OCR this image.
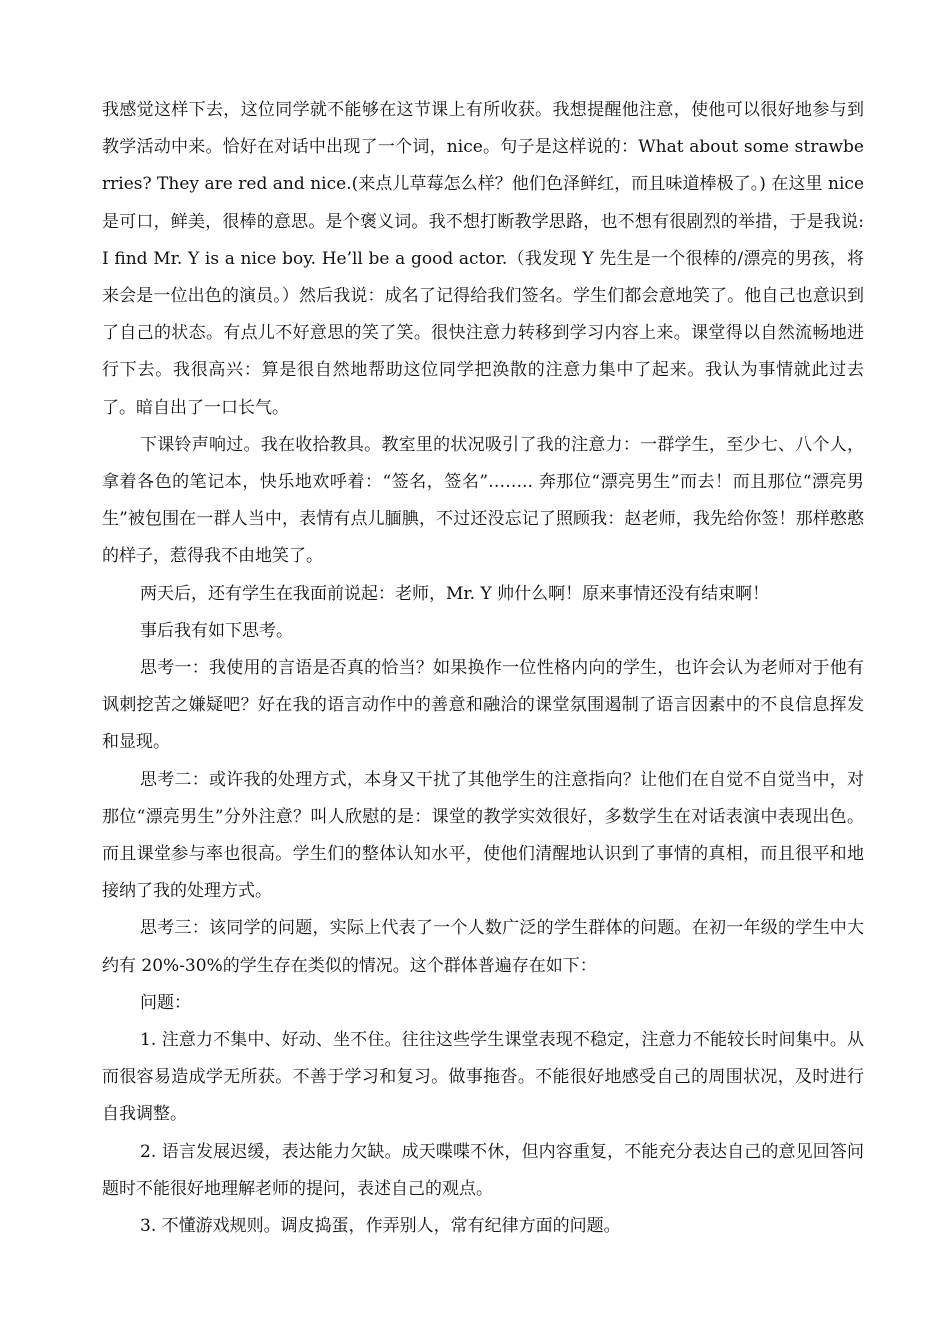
我感觉这样下去，这位同学就不能够在这节课上有所收获。我想提醒他注意，使他可以很好地参与到教学活动中来。恰好在对话中出现了一个词，nice。句子是这样说的：What about some strawberries? They are red and nice.(来点儿草莓怎么样？他们色泽鲜红，而且味道棒极了。) 在这里 nice 是可口，鲜美，很棒的意思。是个褒义词。我不想打断教学思路，也不想有很剧烈的举措，于是我说: I find Mr. Y is a nice boy. He’ll be a good actor.（我发现 Y 先生是一个很棒的/漂亮的男孩，将来会是一位出色的演员。）然后我说：成名了记得给我们签名。学生们都会意地笑了。他自己也意识到了自己的状态。有点儿不好意思的笑了笑。很快注意力转移到学习内容上来。课堂得以自然流畅地进行下去。我很高兴：算是很自然地帮助这位同学把涣散的注意力集中了起来。我认为事情就此过去了。暗自出了一口长气。

下课铃声响过。我在收拾教具。教室里的状况吸引了我的注意力：一群学生，至少七、八个人，拿着各色的笔记本，快乐地欢呼着：“签名，签名”…….. 奔那位“漂亮男生”而去！而且那位“漂亮男生”被包围在一群人当中，表情有点儿腼腆，不过还没忘记了照顾我：赵老师，我先给你签！那样憨憨的样子，惹得我不由地笑了。

两天后，还有学生在我面前说起：老师，Mr. Y 帅什么啊！原来事情还没有结束啊！

事后我有如下思考。

思考一：我使用的言语是否真的恰当？如果换作一位性格内向的学生，也许会认为老师对于他有讽刺挖苦之嫌疑吧？好在我的语言动作中的善意和融洽的课堂氛围遏制了语言因素中的不良信息挥发和显现。

思考二：或许我的处理方式，本身又干扰了其他学生的注意指向？让他们在自觉不自觉当中，对那位“漂亮男生”分外注意？叫人欣慰的是：课堂的教学实效很好，多数学生在对话表演中表现出色。而且课堂参与率也很高。学生们的整体认知水平，使他们清醒地认识到了事情的真相，而且很平和地接纳了我的处理方式。

思考三：该同学的问题，实际上代表了一个人数广泛的学生群体的问题。在初一年级的学生中大约有 20%-30%的学生存在类似的情况。这个群体普遍存在如下：

问题：

1. 注意力不集中、好动、坐不住。往往这些学生课堂表现不稳定，注意力不能较长时间集中。从而很容易造成学无所获。不善于学习和复习。做事拖沓。不能很好地感受自己的周围状况，及时进行自我调整。

2. 语言发展迟缓，表达能力欠缺。成天喋喋不休，但内容重复，不能充分表达自己的意见回答问题时不能很好地理解老师的提问，表述自己的观点。

3. 不懂游戏规则。调皮捣蛋，作弄别人，常有纪律方面的问题。
